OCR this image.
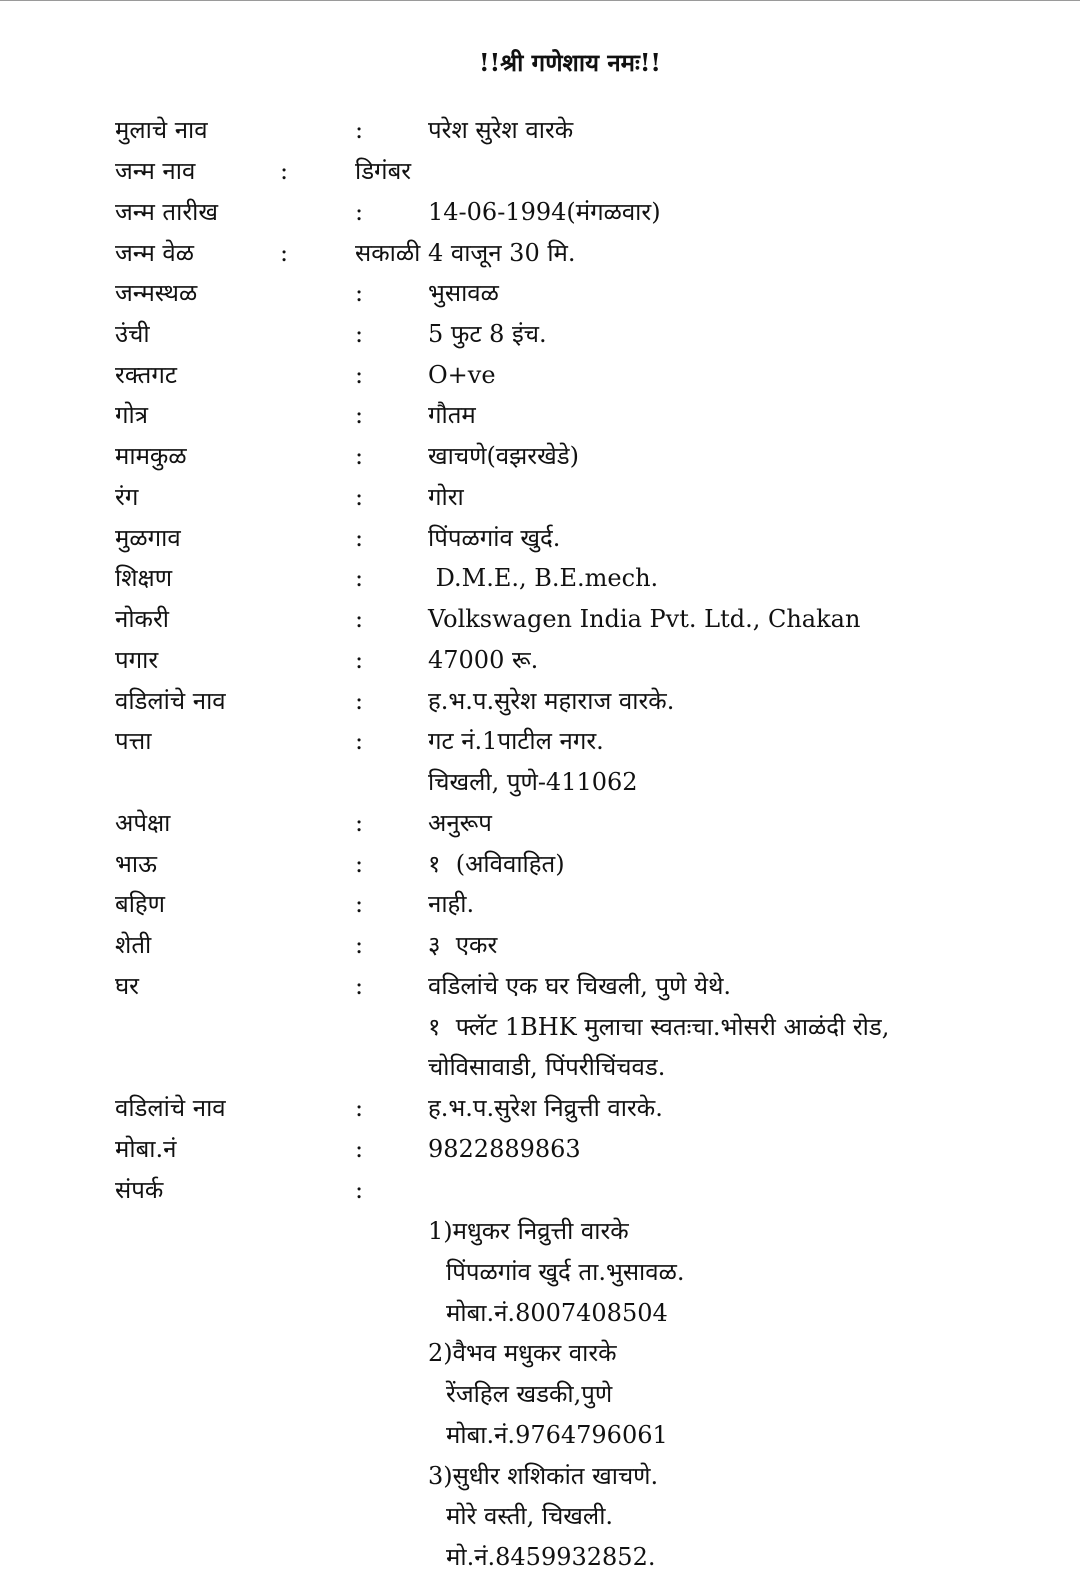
!!श्री गणेशाय नमः!!
मुलाचे नाव	:	परेश सुरेश वारके
जन्म नाव	:	डिगंबर
जन्म तारीख	:	14-06-1994(मंगळवार)
जन्म वेळ	:	सकाळी 4 वाजून 30 मि.
जन्मस्थळ	:	भुसावळ
उंची	:	5 फुट 8 इंच.
रक्तगट	:	O+ve
गोत्र	:	गौतम
मामकुळ	:	खाचणे(वझरखेडे)
रंग	:	गोरा
मुळगाव	:	पिंपळगांव खुर्द.
शिक्षण	:	D.M.E., B.E.mech.
नोकरी	:	Volkswagen India Pvt. Ltd., Chakan
पगार	:	47000 रू.
वडिलांचे नाव	:	ह.भ.प.सुरेश महाराज वारके.
पत्ता	:	गट नं.1पाटील नगर.
चिखली, पुणे-411062
अपेक्षा	:	अनुरूप
भाऊ	:	१  (अविवाहित)
बहिण	:	नाही.
शेती	:	३  एकर
घर	:	वडिलांचे एक घर चिखली, पुणे येथे.
१  फ्लॅट 1BHK मुलाचा स्वतःचा.भोसरी आळंदी रोड,
चोविसावाडी, पिंपरीचिंचवड.
वडिलांचे नाव	:	ह.भ.प.सुरेश निव्रुत्ती वारके.
मोबा.नं	:	9822889863
संपर्क	:
1)मधुकर निव्रुत्ती वारके
पिंपळगांव खुर्द ता.भुसावळ.
मोबा.नं.8007408504
2)वैभव मधुकर वारके
रेंजहिल खडकी,पुणे
मोबा.नं.9764796061
3)सुधीर शशिकांत खाचणे.
मोरे वस्ती, चिखली.
मो.नं.8459932852.
